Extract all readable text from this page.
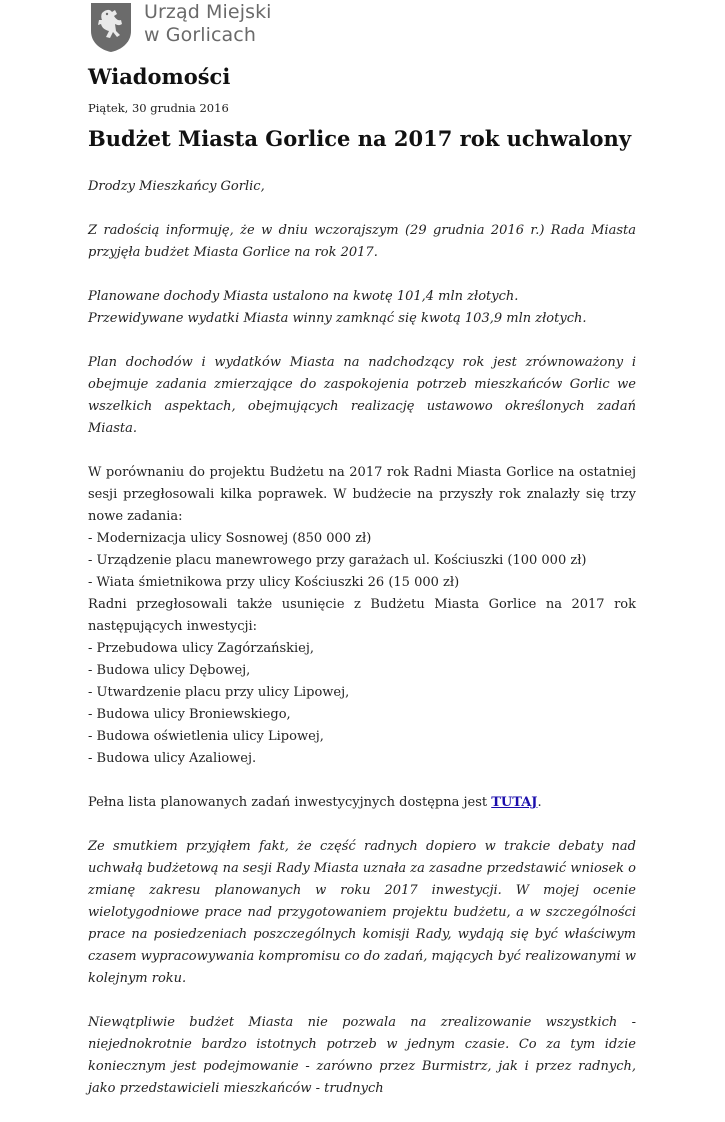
Urząd Miejski
w Gorlicach
Wiadomości

Piątek, 30 grudnia 2016

Budżet Miasta Gorlice na 2017 rok uchwalony

Drodzy Mieszkańcy Gorlic,

Z radością informuję, że w dniu wczorajszym (29 grudnia 2016 r.) Rada Miasta przyjęła budżet Miasta Gorlice na rok 2017.

Planowane dochody Miasta ustalono na kwotę 101,4 mln złotych.
Przewidywane wydatki Miasta winny zamknąć się kwotą 103,9 mln złotych.

Plan dochodów i wydatków Miasta na nadchodzący rok jest zrównoważony i obejmuje zadania zmierzające do zaspokojenia potrzeb mieszkańców Gorlic we wszelkich aspektach, obejmujących realizację ustawowo określonych zadań Miasta.

W porównaniu do projektu Budżetu na 2017 rok Radni Miasta Gorlice na ostatniej sesji przegłosowali kilka poprawek. W budżecie na przyszły rok znalazły się trzy nowe zadania:
- Modernizacja ulicy Sosnowej (850 000 zł)
- Urządzenie placu manewrowego przy garażach ul. Kościuszki (100 000 zł)
- Wiata śmietnikowa przy ulicy Kościuszki 26 (15 000 zł)
Radni przegłosowali także usunięcie z Budżetu Miasta Gorlice na 2017 rok następujących inwestycji:
- Przebudowa ulicy Zagórzańskiej,
- Budowa ulicy Dębowej,
- Utwardzenie placu przy ulicy Lipowej,
- Budowa ulicy Broniewskiego,
- Budowa oświetlenia ulicy Lipowej,
- Budowa ulicy Azaliowej.

Pełna lista planowanych zadań inwestycyjnych dostępna jest TUTAJ.

Ze smutkiem przyjąłem fakt, że część radnych dopiero w trakcie debaty nad uchwałą budżetową na sesji Rady Miasta uznała za zasadne przedstawić wniosek o zmianę zakresu planowanych w roku 2017 inwestycji. W mojej ocenie wielotygodniowe prace nad przygotowaniem projektu budżetu, a w szczególności prace na posiedzeniach poszczególnych komisji Rady, wydają się być właściwym czasem wypracowywania kompromisu co do zadań, mających być realizowanymi w kolejnym roku.

Niewątpliwie budżet Miasta nie pozwala na zrealizowanie wszystkich - niejednokrotnie bardzo istotnych potrzeb w jednym czasie. Co za tym idzie koniecznym jest podejmowanie - zarówno przez Burmistrz, jak i przez radnych, jako przedstawicieli mieszkańców - trudnych
